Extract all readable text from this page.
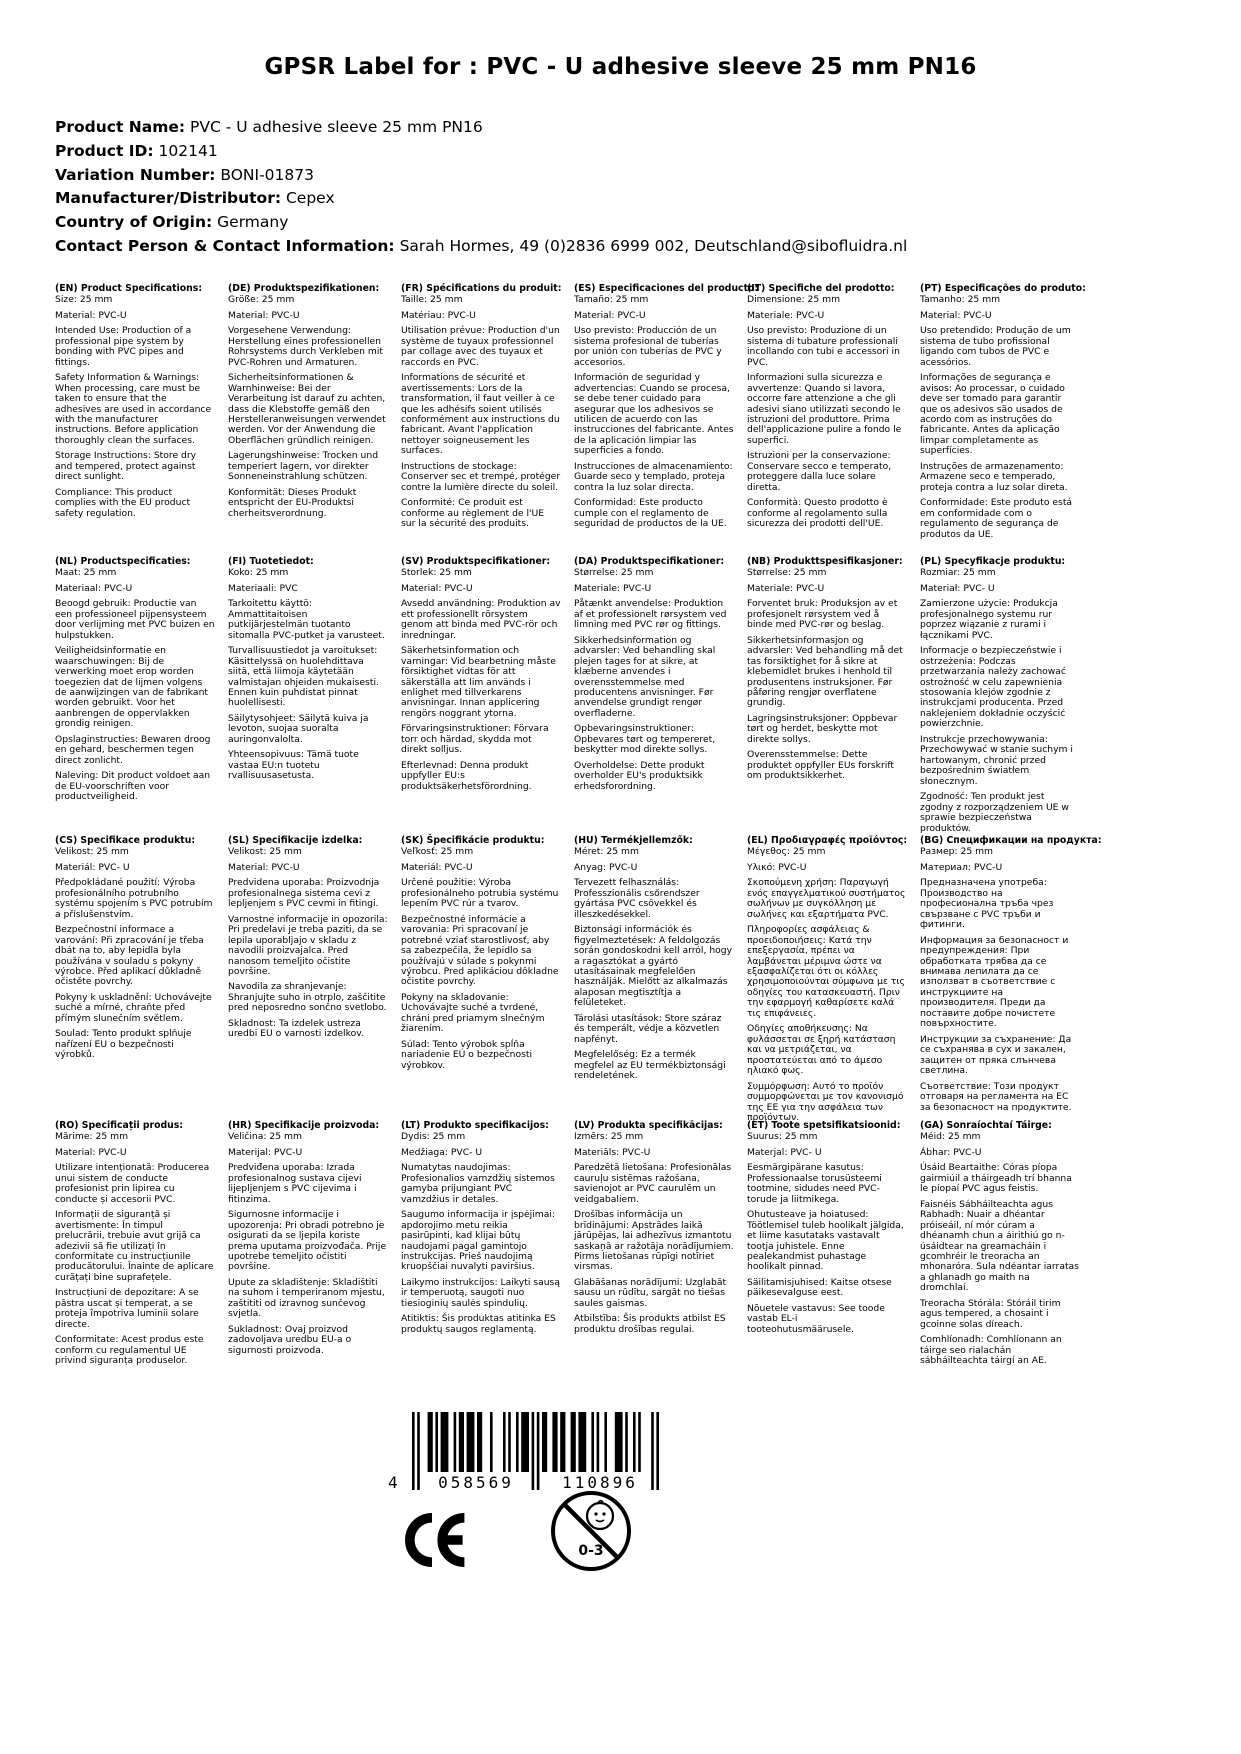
GPSR Label for : PVC - U adhesive sleeve 25 mm PN16
Product Name: PVC - U adhesive sleeve 25 mm PN16
Product ID: 102141
Variation Number: BONI-01873
Manufacturer/Distributor: Cepex
Country of Origin: Germany
Contact Person & Contact Information: Sarah Hormes, 49 (0)2836 6999 002, Deutschland@sibofluidra.nl
(EN) Product Specifications:

Size: 25 mm

Material: PVC-U

Intended Use: Production of a professional pipe system by bonding with PVC pipes and fittings.

Safety Information & Warnings: When processing, care must be taken to ensure that the adhesives are used in accordance with the manufacturer instructions. Before application thoroughly clean the surfaces.

Storage Instructions: Store dry and tempered, protect against direct sunlight.

Compliance: This product complies with the EU product safety regulation.

(DE) Produktspezifikationen:

Größe: 25 mm

Material: PVC-U

Vorgesehene Verwendung: Herstellung eines professionellen Rohrsystems durch Verkleben mit PVC-Rohren und Armaturen.

Sicherheitsinformationen & Warnhinweise: Bei der Verarbeitung ist darauf zu achten, dass die Klebstoffe gemäß den Herstelleranweisungen verwendet werden. Vor der Anwendung die Oberflächen gründlich reinigen.

Lagerungshinweise: Trocken und temperiert lagern, vor direkter Sonneneinstrahlung schützen.

Konformität: Dieses Produkt entspricht der EU-Produktsi cherheitsverordnung.

(FR) Spécifications du produit:

Taille: 25 mm

Matériau: PVC-U

Utilisation prévue: Production d'un système de tuyaux professionnel par collage avec des tuyaux et raccords en PVC.

Informations de sécurité et avertissements: Lors de la transformation, il faut veiller à ce que les adhésifs soient utilisés conformément aux instructions du fabricant. Avant l'application nettoyer soigneusement les surfaces.

Instructions de stockage: Conserver sec et trempé, protéger contre la lumière directe du soleil.

Conformité: Ce produit est conforme au règlement de l'UE sur la sécurité des produits.

(ES) Especificaciones del producto:

Tamaño: 25 mm

Material: PVC-U

Uso previsto: Producción de un sistema profesional de tuberías por unión con tuberías de PVC y accesorios.

Información de seguridad y advertencias: Cuando se procesa, se debe tener cuidado para asegurar que los adhesivos se utilicen de acuerdo con las instrucciones del fabricante. Antes de la aplicación limpiar las superficies a fondo.

Instrucciones de almacenamiento: Guarde seco y templado, proteja contra la luz solar directa.

Conformidad: Este producto cumple con el reglamento de seguridad de productos de la UE.

(IT) Specifiche del prodotto:

Dimensione: 25 mm

Materiale: PVC-U

Uso previsto: Produzione di un sistema di tubature professionali incollando con tubi e accessori in PVC.

Informazioni sulla sicurezza e avvertenze: Quando si lavora, occorre fare attenzione a che gli adesivi siano utilizzati secondo le istruzioni del produttore. Prima dell'applicazione pulire a fondo le superfici.

Istruzioni per la conservazione: Conservare secco e temperato, proteggere dalla luce solare diretta.

Conformità: Questo prodotto è conforme al regolamento sulla sicurezza dei prodotti dell'UE.

(PT) Especificações do produto:

Tamanho: 25 mm

Material: PVC-U

Uso pretendido: Produção de um sistema de tubo profissional ligando com tubos de PVC e acessórios.

Informações de segurança e avisos: Ao processar, o cuidado deve ser tomado para garantir que os adesivos são usados de acordo com as instruções do fabricante. Antes da aplicação limpar completamente as superfícies.

Instruções de armazenamento: Armazene seco e temperado, proteja contra a luz solar direta.

Conformidade: Este produto está em conformidade com o regulamento de segurança de produtos da UE.

(NL) Productspecificaties:

Maat: 25 mm

Materiaal: PVC-U

Beoogd gebruik: Productie van een professioneel pijpensysteem door verlijming met PVC buizen en hulpstukken.

Veiligheidsinformatie en waarschuwingen: Bij de verwerking moet erop worden toegezien dat de lijmen volgens de aanwijzingen van de fabrikant worden gebruikt. Voor het aanbrengen de oppervlakken grondig reinigen.

Opslaginstructies: Bewaren droog en gehard, beschermen tegen direct zonlicht.

Naleving: Dit product voldoet aan de EU-voorschriften voor productveiligheid.

(FI) Tuotetiedot:

Koko: 25 mm

Materiaali: PVC

Tarkoitettu käyttö: Ammattitaitoisen putkijärjestelmän tuotanto sitomalla PVC-putket ja varusteet.

Turvallisuustiedot ja varoitukset: Käsittelyssä on huolehdittava siitä, että liimoja käytetään valmistajan ohjeiden mukaisesti. Ennen kuin puhdistat pinnat huolellisesti.

Säilytysohjeet: Säilytä kuiva ja levoton, suojaa suoralta auringonvalolta.

Yhteensopivuus: Tämä tuote vastaa EU:n tuotetu rvallisuusasetusta.

(SV) Produktspecifikationer:

Storlek: 25 mm

Material: PVC-U

Avsedd användning: Produktion av ett professionellt rörsystem genom att binda med PVC-rör och inredningar.

Säkerhetsinformation och varningar: Vid bearbetning måste försiktighet vidtas för att säkerställa att lim används i enlighet med tillverkarens anvisningar. Innan applicering rengörs noggrant ytorna.

Förvaringsinstruktioner: Förvara torr och härdad, skydda mot direkt solljus.

Efterlevnad: Denna produkt uppfyller EU:s produktsäkerhetsförordning.

(DA) Produktspecifikationer:

Størrelse: 25 mm

Materiale: PVC-U

Påtænkt anvendelse: Produktion af et professionelt rørsystem ved limning med PVC rør og fittings.

Sikkerhedsinformation og advarsler: Ved behandling skal plejen tages for at sikre, at klæberne anvendes i overensstemmelse med producentens anvisninger. Før anvendelse grundigt rengør overfladerne.

Opbevaringsinstruktioner: Opbevares tørt og tempereret, beskytter mod direkte sollys.

Overholdelse: Dette produkt overholder EU's produktsikk erhedsforordning.

(NB) Produkttspesifikasjoner:

Størrelse: 25 mm

Materiale: PVC-U

Forventet bruk: Produksjon av et profesjonelt rørsystem ved å binde med PVC-rør og beslag.

Sikkerhetsinformasjon og advarsler: Ved behandling må det tas forsiktighet for å sikre at klebemidlet brukes i henhold til produsentens instruksjoner. Før påføring rengjør overflatene grundig.

Lagringsinstruksjoner: Oppbevar tørt og herdet, beskytte mot direkte sollys.

Overensstemmelse: Dette produktet oppfyller EUs forskrift om produktsikkerhet.

(PL) Specyfikacje produktu:

Rozmiar: 25 mm

Materiał: PVC- U

Zamierzone użycie: Produkcja profesjonalnego systemu rur poprzez wiązanie z rurami i łącznikami PVC.

Informacje o bezpieczeństwie i ostrzeżenia: Podczas przetwarzania należy zachować ostrożność w celu zapewnienia stosowania klejów zgodnie z instrukcjami producenta. Przed naklejeniem dokładnie oczyścić powierzchnie.

Instrukcje przechowywania: Przechowywać w stanie suchym i hartowanym, chronić przed bezpośrednim światłem słonecznym.

Zgodność: Ten produkt jest zgodny z rozporządzeniem UE w sprawie bezpieczeństwa produktów.

(CS) Specifikace produktu:

Velikost: 25 mm

Materiál: PVC- U

Předpokládané použití: Výroba profesionálního potrubního systému spojením s PVC potrubím a příslušenstvím.

Bezpečnostní informace a varování: Při zpracování je třeba dbát na to, aby lepidla byla používána v souladu s pokyny výrobce. Před aplikací důkladně očistěte povrchy.

Pokyny k uskladnění: Uchovávejte suché a mírné, chraňte před přímým slunečním světlem.

Soulad: Tento produkt splňuje nařízení EU o bezpečnosti výrobků.

(SL) Specifikacije izdelka:

Velikost: 25 mm

Material: PVC-U

Predvidena uporaba: Proizvodnja profesionalnega sistema cevi z lepljenjem s PVC cevmi in fitingi.

Varnostne informacije in opozorila: Pri predelavi je treba paziti, da se lepila uporabljajo v skladu z navodili proizvajalca. Pred nanosom temeljito očistite površine.

Navodila za shranjevanje: Shranjujte suho in otrplo, zaščitite pred neposredno sončno svetlobo.

Skladnost: Ta izdelek ustreza uredbi EU o varnosti izdelkov.

(SK) Špecifikácie produktu:

Veľkosť: 25 mm

Materiál: PVC-U

Určené použitie: Výroba profesionálneho potrubia systému lepením PVC rúr a tvarov.

Bezpečnostné informácie a varovania: Pri spracovaní je potrebné vziať starostlivosť, aby sa zabezpečila, že lepidlo sa používajú v súlade s pokynmi výrobcu. Pred aplikáciou dôkladne očistite povrchy.

Pokyny na skladovanie: Uchovávajte suché a tvrdené, chráni pred priamym slnečným žiarením.

Súlad: Tento výrobok spĺňa nariadenie EÚ o bezpečnosti výrobkov.

(HU) Termékjellemzők:

Méret: 25 mm

Anyag: PVC-U

Tervezett felhasználás: Professzionális csőrendszer gyártása PVC csövekkel és illeszkedésekkel.

Biztonsági információk és figyelmeztetések: A feldolgozás során gondoskodni kell arról, hogy a ragasztókat a gyártó utasításainak megfelelően használják. Mielőtt az alkalmazás alaposan megtisztítja a felületeket.

Tárolási utasítások: Store száraz és temperált, védje a közvetlen napfényt.

Megfelelőség: Ez a termék megfelel az EU termékbiztonsági rendeletének.

(EL) Προδιαγραφές προϊόντος:

Μέγεθος: 25 mm

Υλικό: PVC-U

Σκοπούμενη χρήση: Παραγωγή ενός επαγγελματικού συστήματος σωλήνων με συγκόλληση με σωλήνες και εξαρτήματα PVC.

Πληροφορίες ασφάλειας & προειδοποιήσεις: Κατά την επεξεργασία, πρέπει να λαμβάνεται μέριμνα ώστε να εξασφαλίζεται ότι οι κόλλες χρησιμοποιούνται σύμφωνα με τις οδηγίες του κατασκευαστή. Πριν την εφαρμογή καθαρίσετε καλά τις επιφάνειες.

Οδηγίες αποθήκευσης: Να φυλάσσεται σε ξηρή κατάσταση και να μετριάζεται, να προστατεύεται από το άμεσο ηλιακό φως.

Συμμόρφωση: Αυτό το προϊόν συμμορφώνεται με τον κανονισμό της ΕΕ για την ασφάλεια των προϊόντων.

(BG) Спецификации на продукта:

Размер: 25 mm

Материал: PVC-U

Предназначена употреба: Производство на професионална тръба чрез свързване с PVC тръби и фитинги.

Информация за безопасност и предупреждения: При обработката трябва да се внимава лепилата да се използват в съответствие с инструкциите на производителя. Преди да поставите добре почистете повърхностите.

Инструкции за съхранение: Да се съхранява в сух и закален, защитен от пряка слънчева светлина.

Съответствие: Този продукт отговаря на регламента на ЕС за безопасност на продуктите.

(RO) Specificații produs:

Mărime: 25 mm

Material: PVC-U

Utilizare intenționată: Producerea unui sistem de conducte profesionist prin lipirea cu conducte și accesorii PVC.

Informații de siguranță și avertismente: În timpul prelucrării, trebuie avut grijă ca adezivii să fie utilizați în conformitate cu instrucțiunile producătorului. Înainte de aplicare curățați bine suprafețele.

Instrucțiuni de depozitare: A se păstra uscat și temperat, a se proteja împotriva luminii solare directe.

Conformitate: Acest produs este conform cu regulamentul UE privind siguranța produselor.

(HR) Specifikacije proizvoda:

Veličina: 25 mm

Materijal: PVC-U

Predviđena uporaba: Izrada profesionalnog sustava cijevi lijepljenjem s PVC cijevima i fitinzima.

Sigurnosne informacije i upozorenja: Pri obradi potrebno je osigurati da se ljepila koriste prema uputama proizvođača. Prije upotrebe temeljito očistiti površine.

Upute za skladištenje: Skladištiti na suhom i temperiranom mjestu, zaštititi od izravnog sunčevog svjetla.

Sukladnost: Ovaj proizvod zadovoljava uredbu EU-a o sigurnosti proizvoda.

(LT) Produkto specifikacijos:

Dydis: 25 mm

Medžiaga: PVC- U

Numatytas naudojimas: Profesionalios vamzdžių sistemos gamyba prijungiant PVC vamzdžius ir detales.

Saugumo informacija ir įspėjimai: apdorojimo metu reikia pasirūpinti, kad klijai būtų naudojami pagal gamintojo instrukcijas. Prieš naudojimą kruopščiai nuvalyti paviršius.

Laikymo instrukcijos: Laikyti sausą ir temperuotą, saugoti nuo tiesioginių saulės spindulių.

Atitiktis: Šis produktas atitinka ES produktų saugos reglamentą.

(LV) Produkta specifikācijas:

Izmērs: 25 mm

Materiāls: PVC-U

Paredzētā lietošana: Profesionālas cauruļu sistēmas ražošana, savienojot ar PVC caurulēm un veidgabaliem.

Drošības informācija un brīdinājumi: Apstrādes laikā jārūpējas, lai adhezīvus izmantotu saskaņā ar ražotāja norādījumiem. Pirms lietošanas rūpīgi notīriet virsmas.

Glabāšanas norādījumi: Uzglabāt sausu un rūdītu, sargāt no tiešas saules gaismas.

Atbilstība: Šis produkts atbilst ES produktu drošības regulai.

(ET) Toote spetsifikatsioonid:

Suurus: 25 mm

Materjal: PVC- U

Eesmärgipärane kasutus: Professionaalse torusüsteemi tootmine, sidudes need PVC-torude ja liitmikega.

Ohutusteave ja hoiatused: Töötlemisel tuleb hoolikalt jälgida, et liime kasutataks vastavalt tootja juhistele. Enne pealekandmist puhastage hoolikalt pinnad.

Säilitamisjuhised: Kaitse otsese päikesevalguse eest.

Nõuetele vastavus: See toode vastab EL-i tooteohutusmäärusele.

(GA) Sonraíochtaí Táirge:

Méid: 25 mm

Ábhar: PVC-U

Úsáid Beartaithe: Córas píopa gairmiúil a tháirgeadh trí bhanna le píopaí PVC agus feistis.

Faisnéis Sábháilteachta agus Rabhadh: Nuair a dhéantar próiseáil, ní mór cúram a dhéanamh chun a áirithiú go n-úsáidtear na greamacháin i gcomhréir le treoracha an mhonaróra. Sula ndéantar iarratas a ghlanadh go maith na dromchlaí.

Treoracha Stórála: Stóráil tirim agus tempered, a chosaint i gcoinne solas díreach.

Comhlíonadh: Comhlíonann an táirge seo rialachán sábháilteachta táirgí an AE.

4	058569	110896
0-3
